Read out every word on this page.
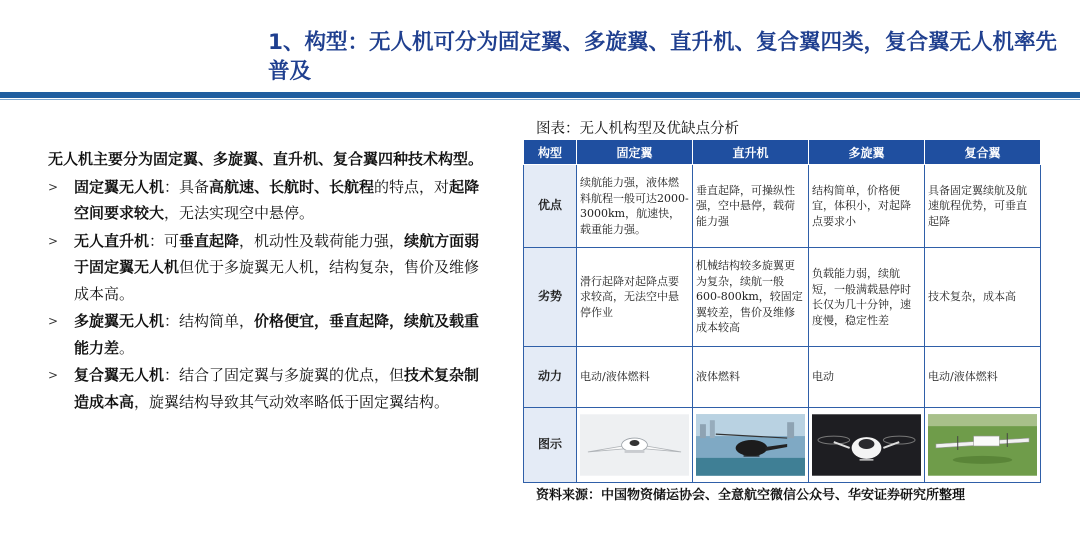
1、构型：无人机可分为固定翼、多旋翼、直升机、复合翼四类，复合翼无人机率先普及
无人机主要分为固定翼、多旋翼、直升机、复合翼四种技术构型。
> 固定翼无人机：具备高航速、长航时、长航程的特点，对起降空间要求较大，无法实现空中悬停。
> 无人直升机：可垂直起降，机动性及载荷能力强，续航方面弱于固定翼无人机但优于多旋翼无人机，结构复杂，售价及维修成本高。
> 多旋翼无人机：结构简单，价格便宜，垂直起降，续航及载重能力差。
> 复合翼无人机：结合了固定翼与多旋翼的优点，但技术复杂制造成本高，旋翼结构导致其气动效率略低于固定翼结构。
图表：无人机构型及优缺点分析
构型	固定翼	直升机	多旋翼	复合翼
优点	续航能力强，液体燃料航程一般可达2000-3000km，航速快，载重能力强。	垂直起降，可操纵性强，空中悬停，载荷能力强	结构简单，价格便宜，体积小，对起降点要求小	具备固定翼续航及航速航程优势，可垂直起降
劣势	滑行起降对起降点要求较高，无法空中悬停作业	机械结构较多旋翼更为复杂，续航一般600-800km，较固定翼较差，售价及维修成本较高	负载能力弱，续航短，一般满载悬停时长仅为几十分钟，速度慢，稳定性差	技术复杂，成本高
动力	电动/液体燃料	液体燃料	电动	电动/液体燃料
图示	

资料来源：中国物资储运协会、全意航空微信公众号、华安证券研究所整理
